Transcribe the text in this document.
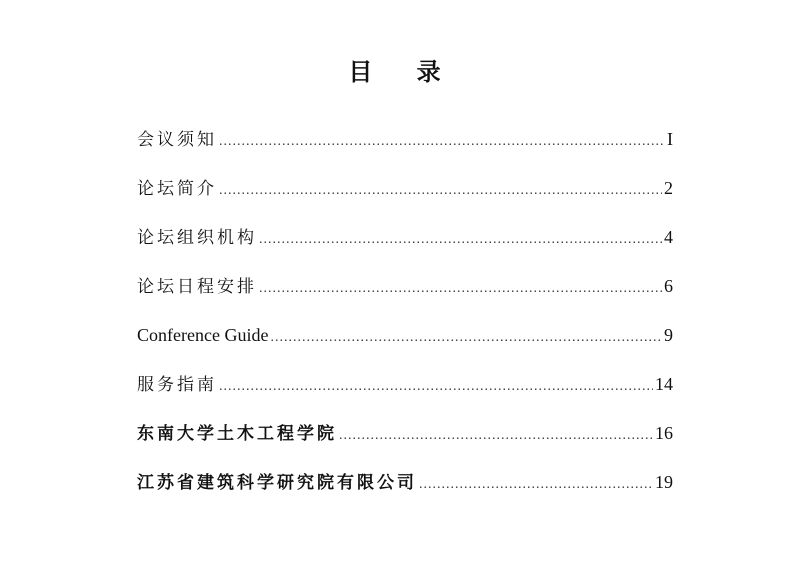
目 录
会议须知 .....	I
论坛简介 .....	2
论坛组织机构 .....	4
论坛日程安排 .....	6
Conference Guide .....	9
服务指南 .....	14
东南大学土木工程学院 .....	16
江苏省建筑科学研究院有限公司 .....	19
